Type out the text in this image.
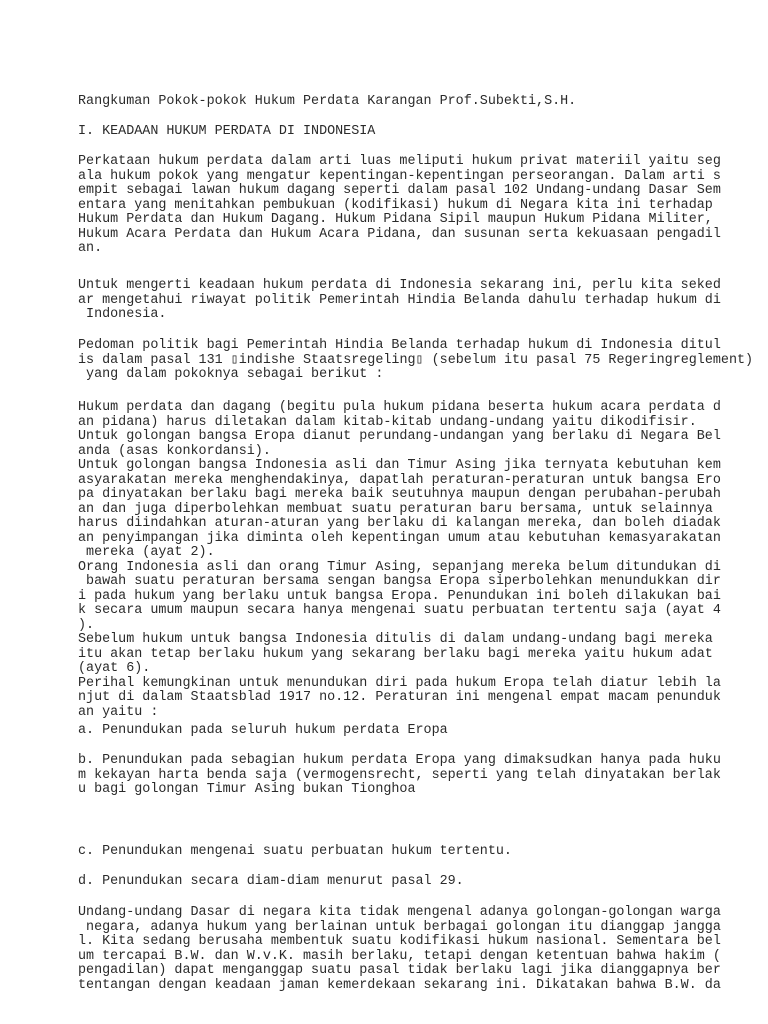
Rangkuman Pokok-pokok Hukum Perdata Karangan Prof.Subekti,S.H.
I. KEADAAN HUKUM PERDATA DI INDONESIA
Perkataan hukum perdata dalam arti luas meliputi hukum privat materiil yaitu seg
ala hukum pokok yang mengatur kepentingan-kepentingan perseorangan. Dalam arti s
empit sebagai lawan hukum dagang seperti dalam pasal 102 Undang-undang Dasar Sem
entara yang menitahkan pembukuan (kodifikasi) hukum di Negara kita ini terhadap
Hukum Perdata dan Hukum Dagang. Hukum Pidana Sipil maupun Hukum Pidana Militer,
Hukum Acara Perdata dan Hukum Acara Pidana, dan susunan serta kekuasaan pengadil
an.
Untuk mengerti keadaan hukum perdata di Indonesia sekarang ini, perlu kita seked
ar mengetahui riwayat politik Pemerintah Hindia Belanda dahulu terhadap hukum di
Indonesia.
Pedoman politik bagi Pemerintah Hindia Belanda terhadap hukum di Indonesia ditul
is dalam pasal 131 ▯indishe Staatsregeling▯ (sebelum itu pasal 75 Regeringreglement)
yang dalam pokoknya sebagai berikut :
Hukum perdata dan dagang (begitu pula hukum pidana beserta hukum acara perdata d
an pidana) harus diletakan dalam kitab-kitab undang-undang yaitu dikodifisir.
Untuk golongan bangsa Eropa dianut perundang-undangan yang berlaku di Negara Bel
anda (asas konkordansi).
Untuk golongan bangsa Indonesia asli dan Timur Asing jika ternyata kebutuhan kem
asyarakatan mereka menghendakinya, dapatlah peraturan-peraturan untuk bangsa Ero
pa dinyatakan berlaku bagi mereka baik seutuhnya maupun dengan perubahan-perubah
an dan juga diperbolehkan membuat suatu peraturan baru bersama, untuk selainnya
harus diindahkan aturan-aturan yang berlaku di kalangan mereka, dan boleh diadak
an penyimpangan jika diminta oleh kepentingan umum atau kebutuhan kemasyarakatan
mereka (ayat 2).
Orang Indonesia asli dan orang Timur Asing, sepanjang mereka belum ditundukan di
bawah suatu peraturan bersama sengan bangsa Eropa siperbolehkan menundukkan dir
i pada hukum yang berlaku untuk bangsa Eropa. Penundukan ini boleh dilakukan bai
k secara umum maupun secara hanya mengenai suatu perbuatan tertentu saja (ayat 4
).
Sebelum hukum untuk bangsa Indonesia ditulis di dalam undang-undang bagi mereka
itu akan tetap berlaku hukum yang sekarang berlaku bagi mereka yaitu hukum adat
(ayat 6).
Perihal kemungkinan untuk menundukan diri pada hukum Eropa telah diatur lebih la
njut di dalam Staatsblad 1917 no.12. Peraturan ini mengenal empat macam penunduk
an yaitu :
a. Penundukan pada seluruh hukum perdata Eropa
b. Penundukan pada sebagian hukum perdata Eropa yang dimaksudkan hanya pada huku
m kekayan harta benda saja (vermogensrecht, seperti yang telah dinyatakan berlak
u bagi golongan Timur Asing bukan Tionghoa
c. Penundukan mengenai suatu perbuatan hukum tertentu.
d. Penundukan secara diam-diam menurut pasal 29.
Undang-undang Dasar di negara kita tidak mengenal adanya golongan-golongan warga
negara, adanya hukum yang berlainan untuk berbagai golongan itu dianggap jangga
l. Kita sedang berusaha membentuk suatu kodifikasi hukum nasional. Sementara bel
um tercapai B.W. dan W.v.K. masih berlaku, tetapi dengan ketentuan bahwa hakim (
pengadilan) dapat menganggap suatu pasal tidak berlaku lagi jika dianggapnya ber
tentangan dengan keadaan jaman kemerdekaan sekarang ini. Dikatakan bahwa B.W. da
